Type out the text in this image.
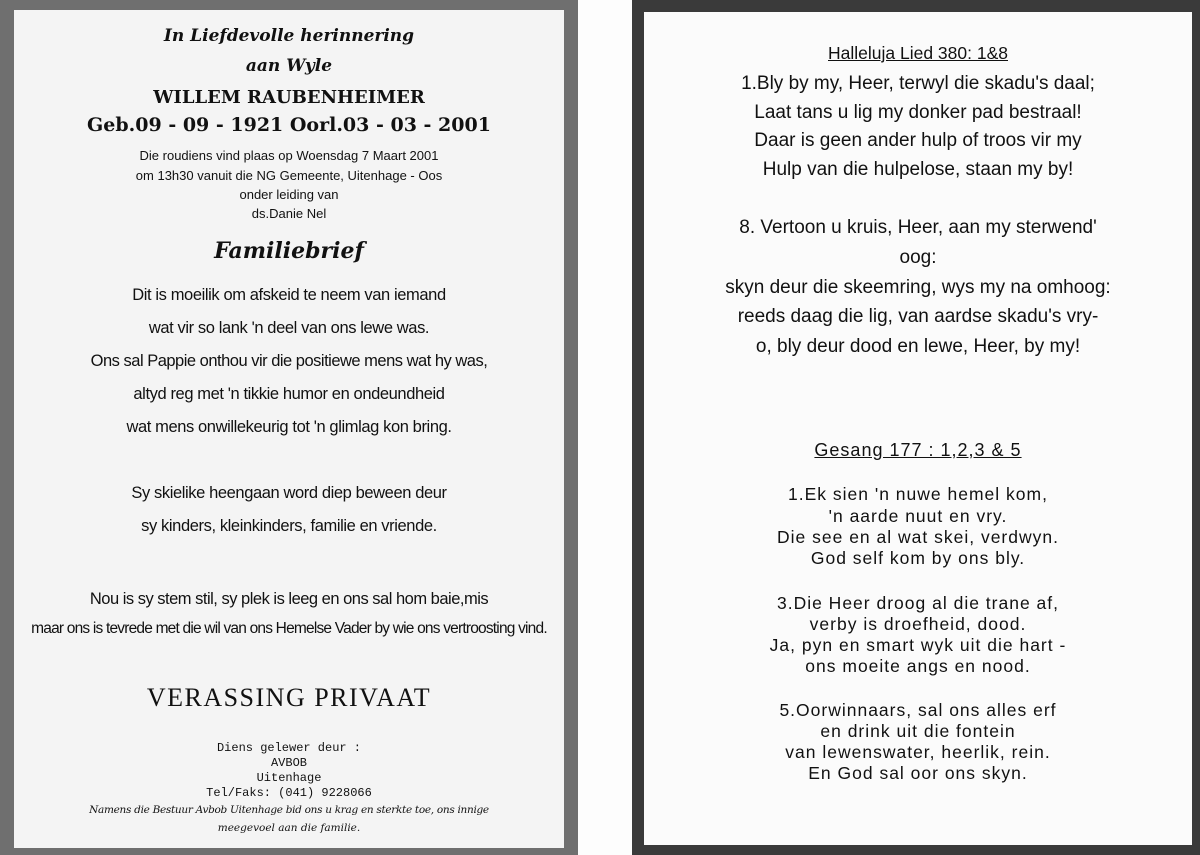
In Liefdevolle herinnering
aan Wyle
WILLEM RAUBENHEIMER
Geb.09 - 09 - 1921 Oorl.03 - 03 - 2001
Die roudiens vind plaas op Woensdag 7 Maart 2001
om 13h30 vanuit die NG Gemeente, Uitenhage - Oos
onder leiding van
ds.Danie Nel
Familiebrief
Dit is moeilik om afskeid te neem van iemand
wat vir so lank 'n deel van ons lewe was.
Ons sal Pappie onthou vir die positiewe mens wat hy was,
altyd reg met 'n tikkie humor en ondeundheid
wat mens onwillekeurig tot 'n glimlag kon bring.
Sy skielike heengaan word diep beween deur
sy kinders, kleinkinders, familie en vriende.
Nou is sy stem stil, sy plek is leeg en ons sal hom baie,mis
maar ons is tevrede met die wil van ons Hemelse Vader by wie ons vertroosting vind.
VERASSING PRIVAAT
Diens gelewer deur :
AVBOB
Uitenhage
Tel/Faks: (041) 9228066
Namens die Bestuur Avbob Uitenhage bid ons u krag en sterkte toe, ons innige
meegevoel aan die familie.
Halleluja Lied 380: 1&8
1.Bly by my, Heer, terwyl die skadu's daal;
Laat tans u lig my donker pad bestraal!
Daar is geen ander hulp of troos vir my
Hulp van die hulpelose, staan my by!
8. Vertoon u kruis, Heer, aan my sterwend'
oog:
skyn deur die skeemring, wys my na omhoog:
reeds daag die lig, van aardse skadu's vry-
o, bly deur dood en lewe, Heer, by my!
Gesang 177 : 1,2,3 & 5
1.Ek sien 'n nuwe hemel kom,
'n aarde nuut en vry.
Die see en al wat skei, verdwyn.
God self kom by ons bly.
3.Die Heer droog al die trane af,
verby is droefheid, dood.
Ja, pyn en smart wyk uit die hart -
ons moeite angs en nood.
5.Oorwinnaars, sal ons alles erf
en drink uit die fontein
van lewenswater, heerlik, rein.
En God sal oor ons skyn.
